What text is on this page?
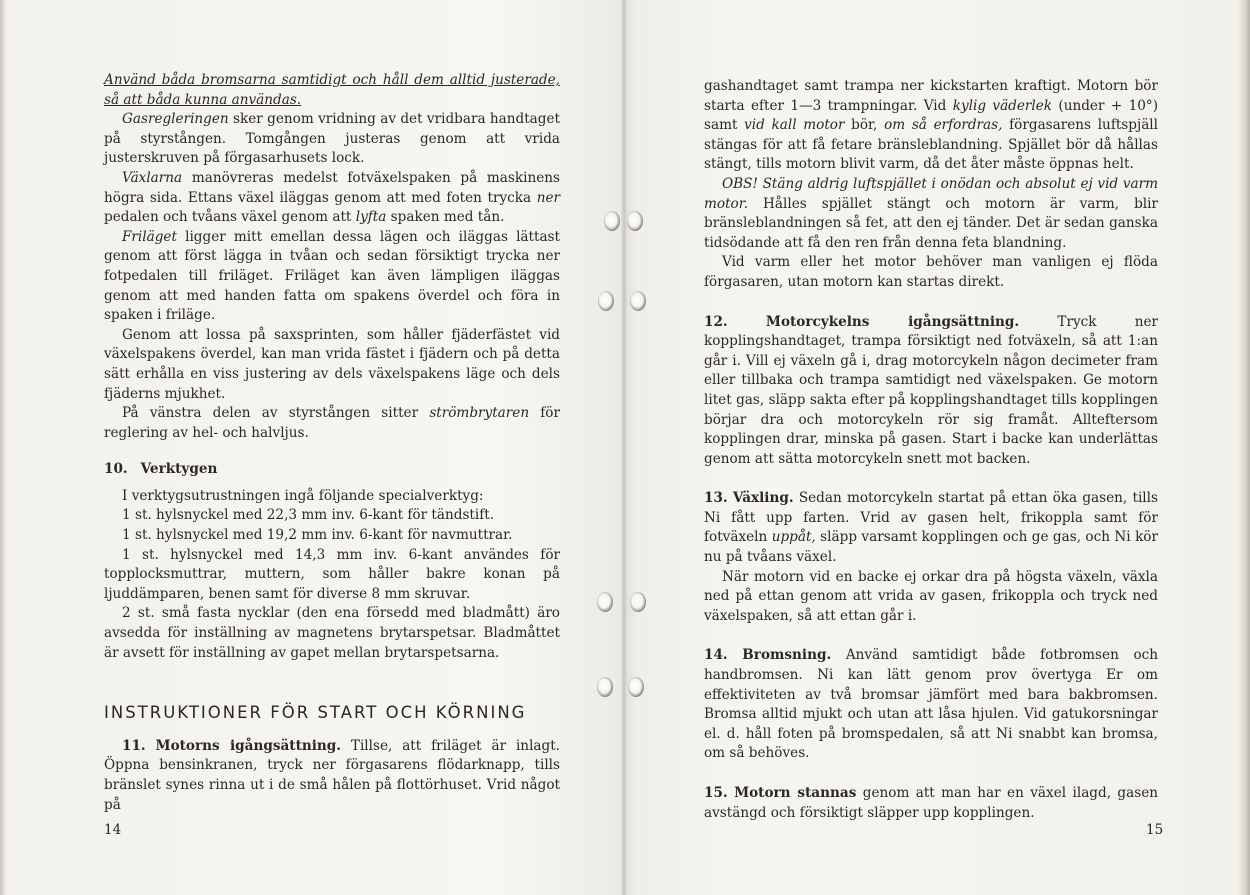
Använd båda bromsarna samtidigt och håll dem alltid justerade, så att båda kunna användas.

Gasregleringen sker genom vridning av det vridbara handtaget på styrstången. Tomgången justeras genom att vrida justerskruven på förgasarhusets lock.

Växlarna manövreras medelst fotväxelspaken på maskinens högra sida. Ettans växel iläggas genom att med foten trycka ner pedalen och tvåans växel genom att lyfta spaken med tån.

Friläget ligger mitt emellan dessa lägen och iläggas lättast genom att först lägga in tvåan och sedan försiktigt trycka ner fotpedalen till friläget. Friläget kan även lämpligen iläggas genom att med handen fatta om spakens överdel och föra in spaken i friläge.

Genom att lossa på saxsprinten, som håller fjäderfästet vid växelspakens överdel, kan man vrida fästet i fjädern och på detta sätt erhålla en viss justering av dels växelspakens läge och dels fjäderns mjukhet.

På vänstra delen av styrstången sitter strömbrytaren för reglering av hel- och halvljus.

10. Verktygen

I verktygsutrustningen ingå följande specialverktyg:

1 st. hylsnyckel med 22,3 mm inv. 6-kant för tändstift.

1 st. hylsnyckel med 19,2 mm inv. 6-kant för navmuttrar.

1 st. hylsnyckel med 14,3 mm inv. 6-kant användes för topplocksmuttrar, muttern, som håller bakre konan på ljuddämparen, benen samt för diverse 8 mm skruvar.

2 st. små fasta nycklar (den ena försedd med bladmått) äro avsedda för inställning av magnetens brytarspetsar. Bladmåttet är avsett för inställning av gapet mellan brytarspetsarna.

INSTRUKTIONER FÖR START OCH KÖRNING

11. Motorns igångsättning. Tillse, att friläget är inlagt. Öppna bensinkranen, tryck ner förgasarens flödarknapp, tills bränslet synes rinna ut i de små hålen på flottörhuset. Vrid något på

14

gashandtaget samt trampa ner kickstarten kraftigt. Motorn bör starta efter 1—3 trampningar. Vid kylig väderlek (under + 10°) samt vid kall motor bör, om så erfordras, förgasarens luftspjäll stängas för att få fetare bränsleblandning. Spjället bör då hållas stängt, tills motorn blivit varm, då det åter måste öppnas helt.

OBS! Stäng aldrig luftspjället i onödan och absolut ej vid varm motor. Hålles spjället stängt och motorn är varm, blir bränsleblandningen så fet, att den ej tänder. Det är sedan ganska tidsödande att få den ren från denna feta blandning.

Vid varm eller het motor behöver man vanligen ej flöda förgasaren, utan motorn kan startas direkt.

12.	Motorcykelns igångsättning. Tryck ner kopplingshandtaget, trampa försiktigt ned fotväxeln, så att 1:an går i. Vill ej växeln gå i, drag motorcykeln någon decimeter fram eller tillbaka och trampa samtidigt ned växelspaken. Ge motorn litet gas, släpp sakta efter på kopplingshandtaget tills kopplingen börjar dra och motorcykeln rör sig framåt. Allteftersom kopplingen drar, minska på gasen. Start i backe kan underlättas genom att sätta motorcykeln snett mot backen.

13. Växling. Sedan motorcykeln startat på ettan öka gasen, tills Ni fått upp farten. Vrid av gasen helt, frikoppla samt för fotväxeln uppåt, släpp varsamt kopplingen och ge gas, och Ni kör nu på tvåans växel.

När motorn vid en backe ej orkar dra på högsta växeln, växla ned på ettan genom att vrida av gasen, frikoppla och tryck ned växelspaken, så att ettan går i.

14. Bromsning. Använd samtidigt både fotbromsen och handbromsen. Ni kan lätt genom prov övertyga Er om effektiviteten av två bromsar jämfört med bara bakbromsen. Bromsa alltid mjukt och utan att låsa hjulen. Vid gatukorsningar el. d. håll foten på bromspedalen, så att Ni snabbt kan bromsa, om så behöves.

15. Motorn stannas genom att man har en växel ilagd, gasen avstängd och försiktigt släpper upp kopplingen.

15
